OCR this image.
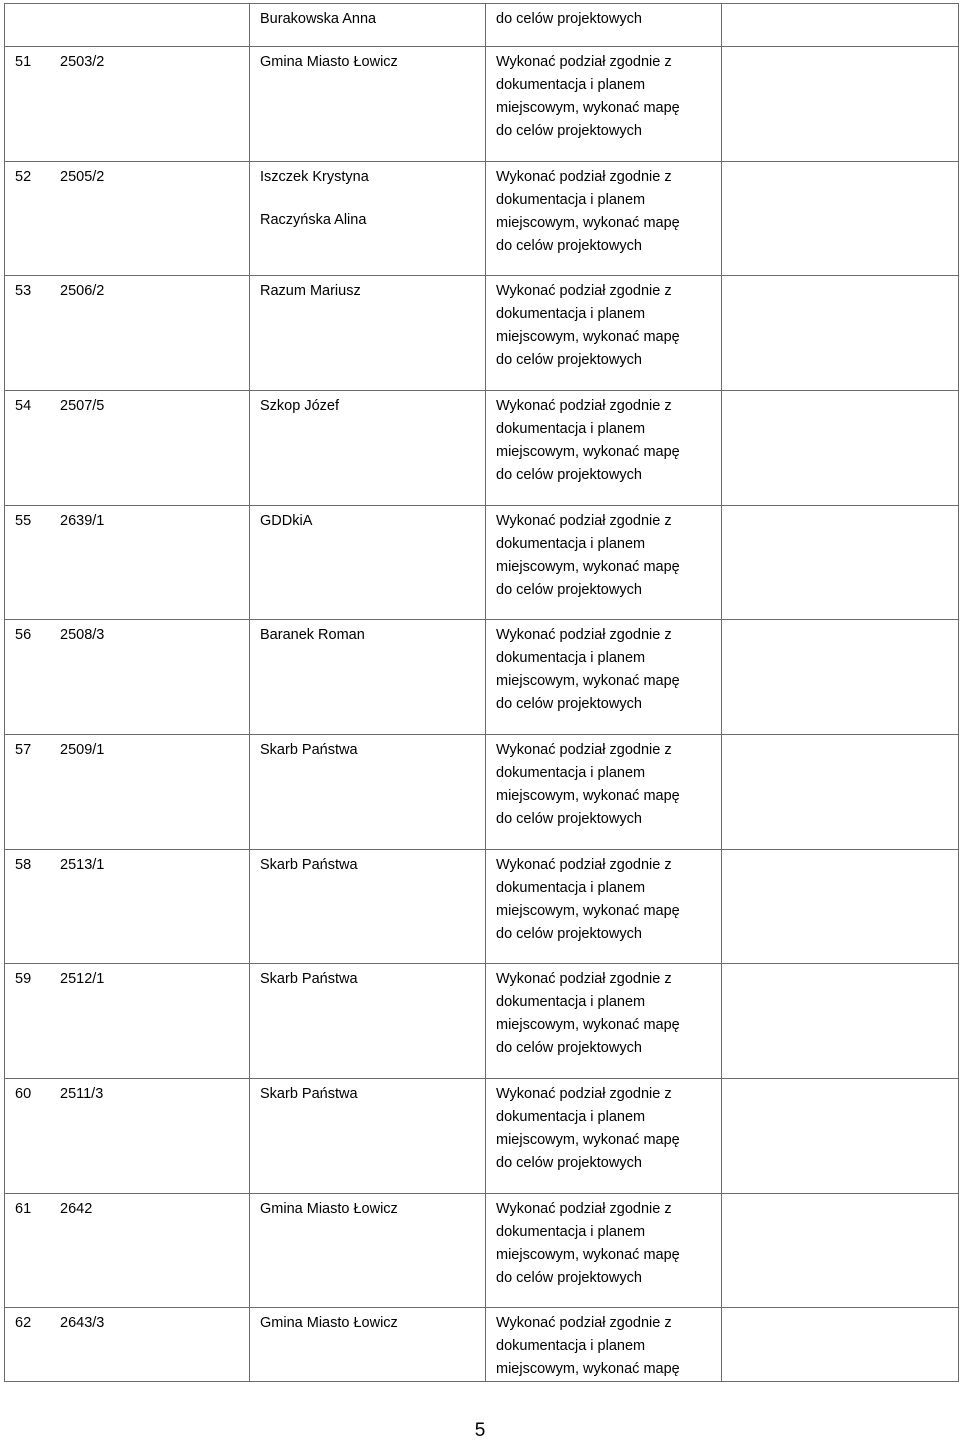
	Burakowska Anna	do celów projektowych	

51 2503/2	Gmina Miasto Łowicz	Wykonać podział zgodnie z
dokumentacja i planem
miejscowym, wykonać mapę
do celów projektowych	

52 2505/2	Iszczek Krystyna
Raczyńska Alina	Wykonać podział zgodnie z
dokumentacja i planem
miejscowym, wykonać mapę
do celów projektowych	

53 2506/2	Razum Mariusz	Wykonać podział zgodnie z
dokumentacja i planem
miejscowym, wykonać mapę
do celów projektowych	

54 2507/5	Szkop Józef	Wykonać podział zgodnie z
dokumentacja i planem
miejscowym, wykonać mapę
do celów projektowych	

55 2639/1	GDDkiA	Wykonać podział zgodnie z
dokumentacja i planem
miejscowym, wykonać mapę
do celów projektowych	

56 2508/3	Baranek Roman	Wykonać podział zgodnie z
dokumentacja i planem
miejscowym, wykonać mapę
do celów projektowych	

57 2509/1	Skarb Państwa	Wykonać podział zgodnie z
dokumentacja i planem
miejscowym, wykonać mapę
do celów projektowych	

58 2513/1	Skarb Państwa	Wykonać podział zgodnie z
dokumentacja i planem
miejscowym, wykonać mapę
do celów projektowych	

59 2512/1	Skarb Państwa	Wykonać podział zgodnie z
dokumentacja i planem
miejscowym, wykonać mapę
do celów projektowych	

60 2511/3	Skarb Państwa	Wykonać podział zgodnie z
dokumentacja i planem
miejscowym, wykonać mapę
do celów projektowych	

61 2642	Gmina Miasto Łowicz	Wykonać podział zgodnie z
dokumentacja i planem
miejscowym, wykonać mapę
do celów projektowych	

62 2643/3	Gmina Miasto Łowicz	Wykonać podział zgodnie z
dokumentacja i planem
miejscowym, wykonać mapę	

5
